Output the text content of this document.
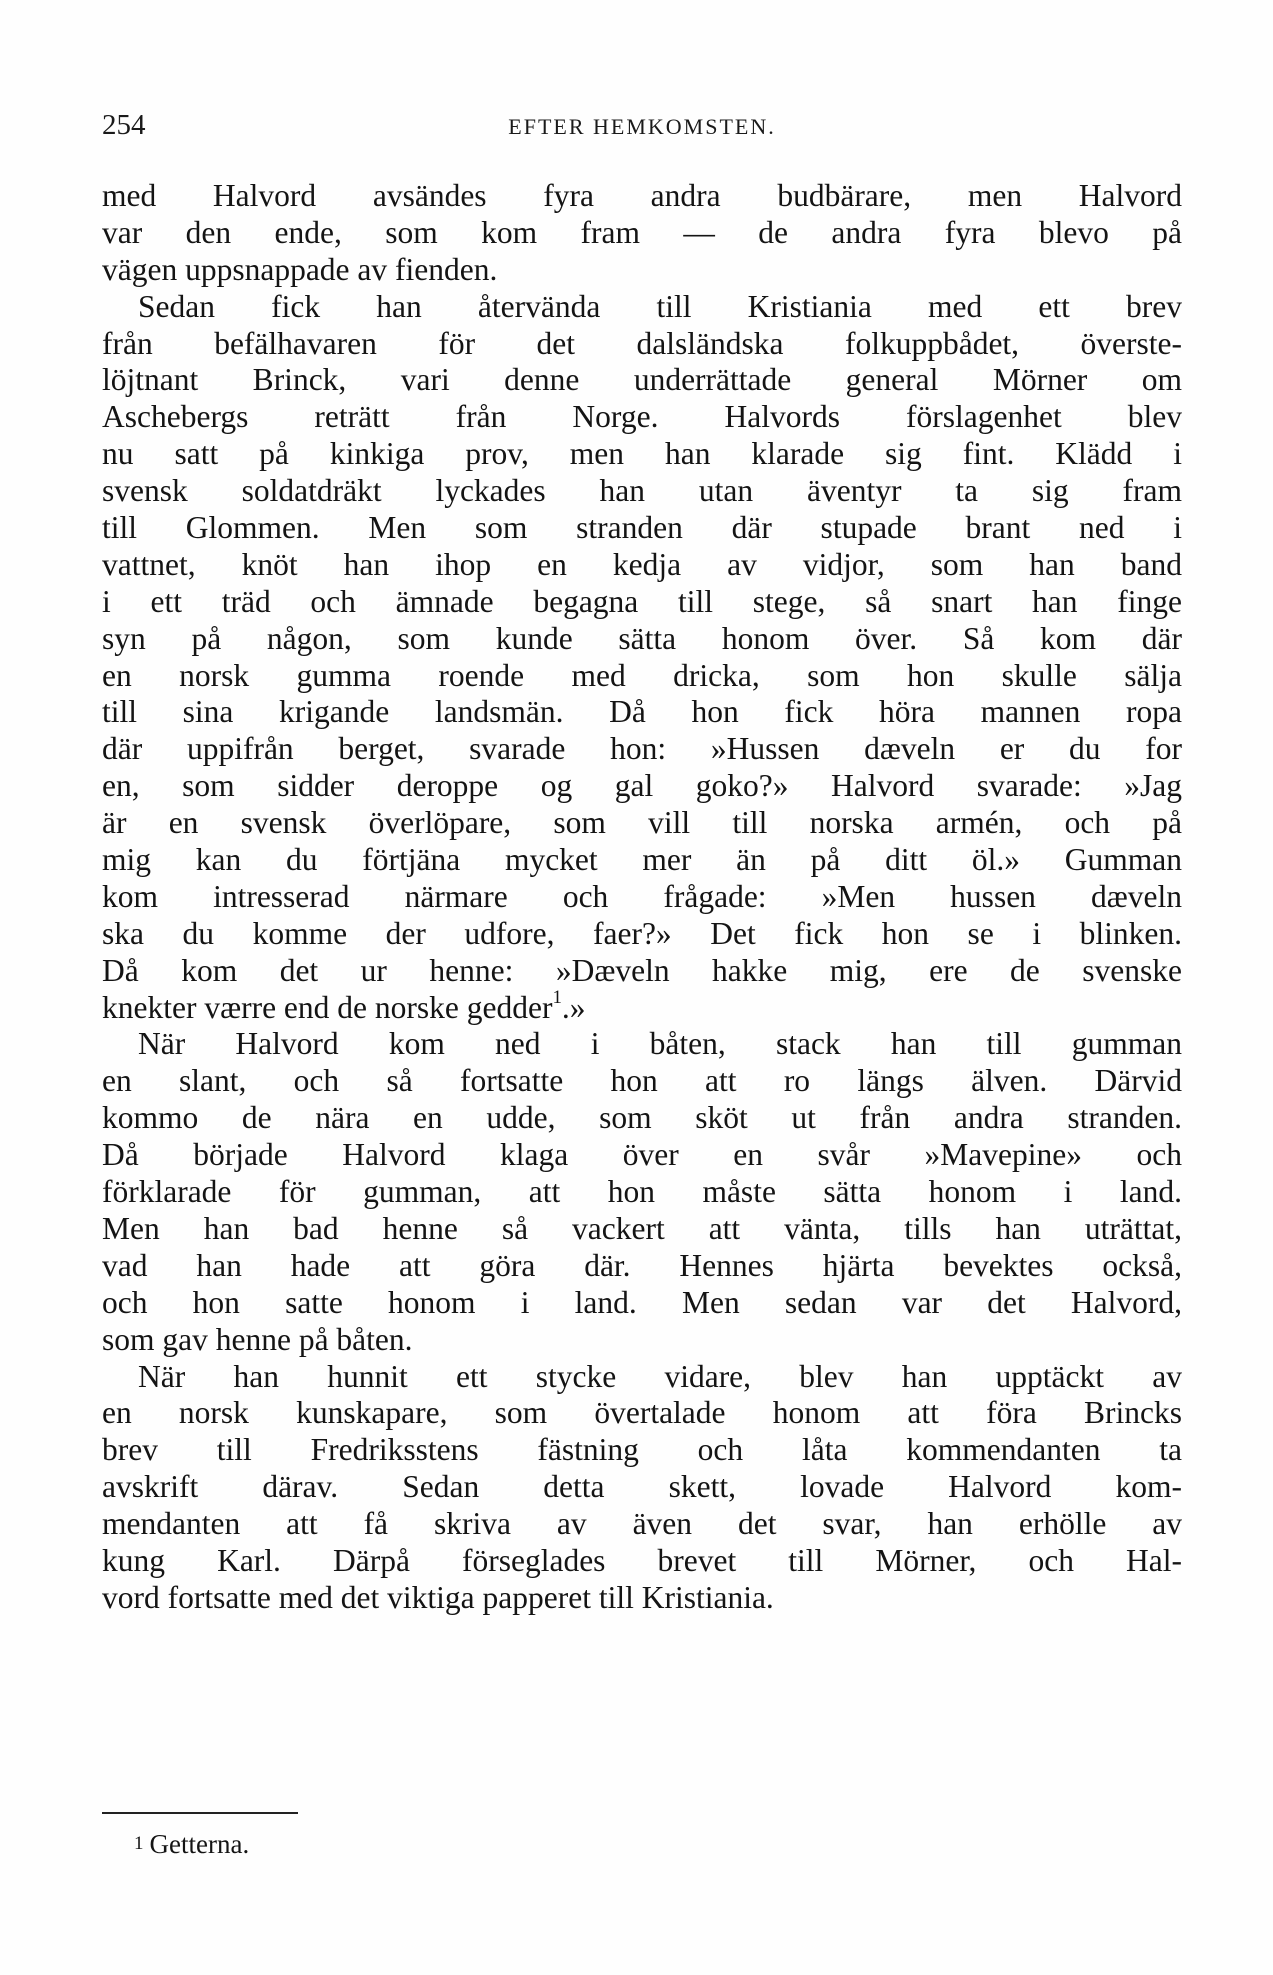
254	EFTER HEMKOMSTEN.
med Halvord avsändes fyra andra budbärare, men Halvord
var den ende, som kom fram — de andra fyra blevo på
vägen uppsnappade av fienden.
Sedan fick han återvända till Kristiania med ett brev
från befälhavaren för det dalsländska folkuppbådet, överste-
löjtnant Brinck, vari denne underrättade general Mörner om
Aschebergs reträtt från Norge. Halvords förslagenhet blev
nu satt på kinkiga prov, men han klarade sig fint. Klädd i
svensk soldatdräkt lyckades han utan äventyr ta sig fram
till Glommen. Men som stranden där stupade brant ned i
vattnet, knöt han ihop en kedja av vidjor, som han band
i ett träd och ämnade begagna till stege, så snart han finge
syn på någon, som kunde sätta honom över. Så kom där
en norsk gumma roende med dricka, som hon skulle sälja
till sina krigande landsmän. Då hon fick höra mannen ropa
där uppifrån berget, svarade hon: »Hussen dæveln er du for
en, som sidder deroppe og gal goko?» Halvord svarade: »Jag
är en svensk överlöpare, som vill till norska armén, och på
mig kan du förtjäna mycket mer än på ditt öl.» Gumman
kom intresserad närmare och frågade: »Men hussen dæveln
ska du komme der udfore, faer?» Det fick hon se i blinken.
Då kom det ur henne: »Dæveln hakke mig, ere de svenske
knekter værre end de norske gedder$^1$.»
När Halvord kom ned i båten, stack han till gumman
en slant, och så fortsatte hon att ro längs älven. Därvid
kommo de nära en udde, som sköt ut från andra stranden.
Då började Halvord klaga över en svår »Mavepine» och
förklarade för gumman, att hon måste sätta honom i land.
Men han bad henne så vackert att vänta, tills han uträttat,
vad han hade att göra där. Hennes hjärta bevektes också,
och hon satte honom i land. Men sedan var det Halvord,
som gav henne på båten.
När han hunnit ett stycke vidare, blev han upptäckt av
en norsk kunskapare, som övertalade honom att föra Brincks
brev till Fredriksstens fästning och låta kommendanten ta
avskrift därav. Sedan detta skett, lovade Halvord kom-
mendanten att få skriva av även det svar, han erhölle av
kung Karl. Därpå förseglades brevet till Mörner, och Hal-
vord fortsatte med det viktiga papperet till Kristiania.
$^1$ Getterna.
